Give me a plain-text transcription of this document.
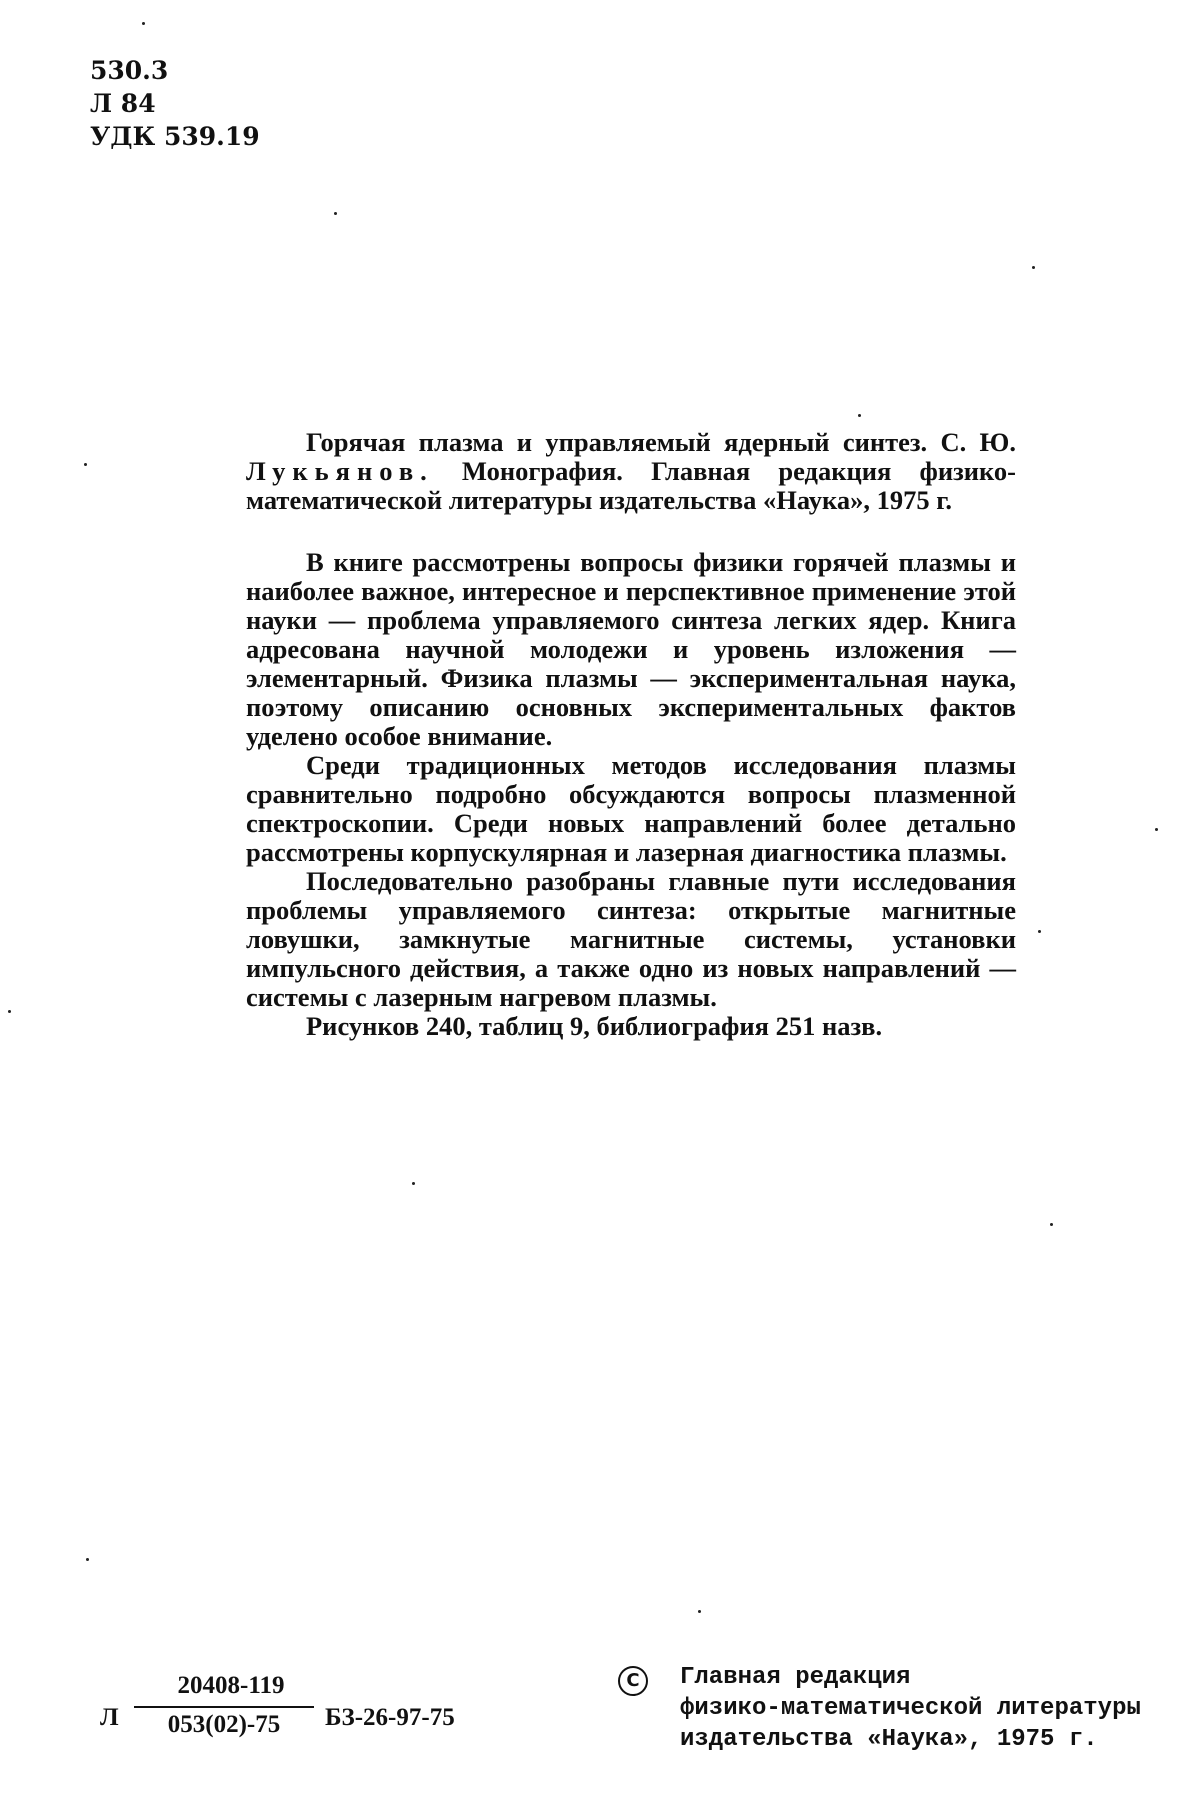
530.3
Л 84
УДК 539.19

Горячая плазма и управляемый ядерный синтез. С. Ю. Лукьянов. Монография. Главная редакция физико-математической литературы издательства «Наука», 1975 г.

В книге рассмотрены вопросы физики горячей плазмы и наиболее важное, интересное и перспективное применение этой науки — проблема управляемого синтеза легких ядер. Книга адресована научной молодежи и уровень изложения — элементарный. Физика плазмы — экспериментальная наука, поэтому описанию основных экспериментальных фактов уделено особое внимание.

Среди традиционных методов исследования плазмы сравнительно подробно обсуждаются вопросы плазменной спектроскопии. Среди новых направлений более детально рассмотрены корпускулярная и лазерная диагностика плазмы.

Последовательно разобраны главные пути исследования проблемы управляемого синтеза: открытые магнитные ловушки, замкнутые магнитные системы, установки импульсного действия, а также одно из новых направлений — системы с лазерным нагревом плазмы.

Рисунков 240, таблиц 9, библиография 251 назв.

Л
20408-119
053(02)-75	БЗ-26-97-75
C	Главная редакция
физико-математической литературы
издательства «Наука», 1975 г.
